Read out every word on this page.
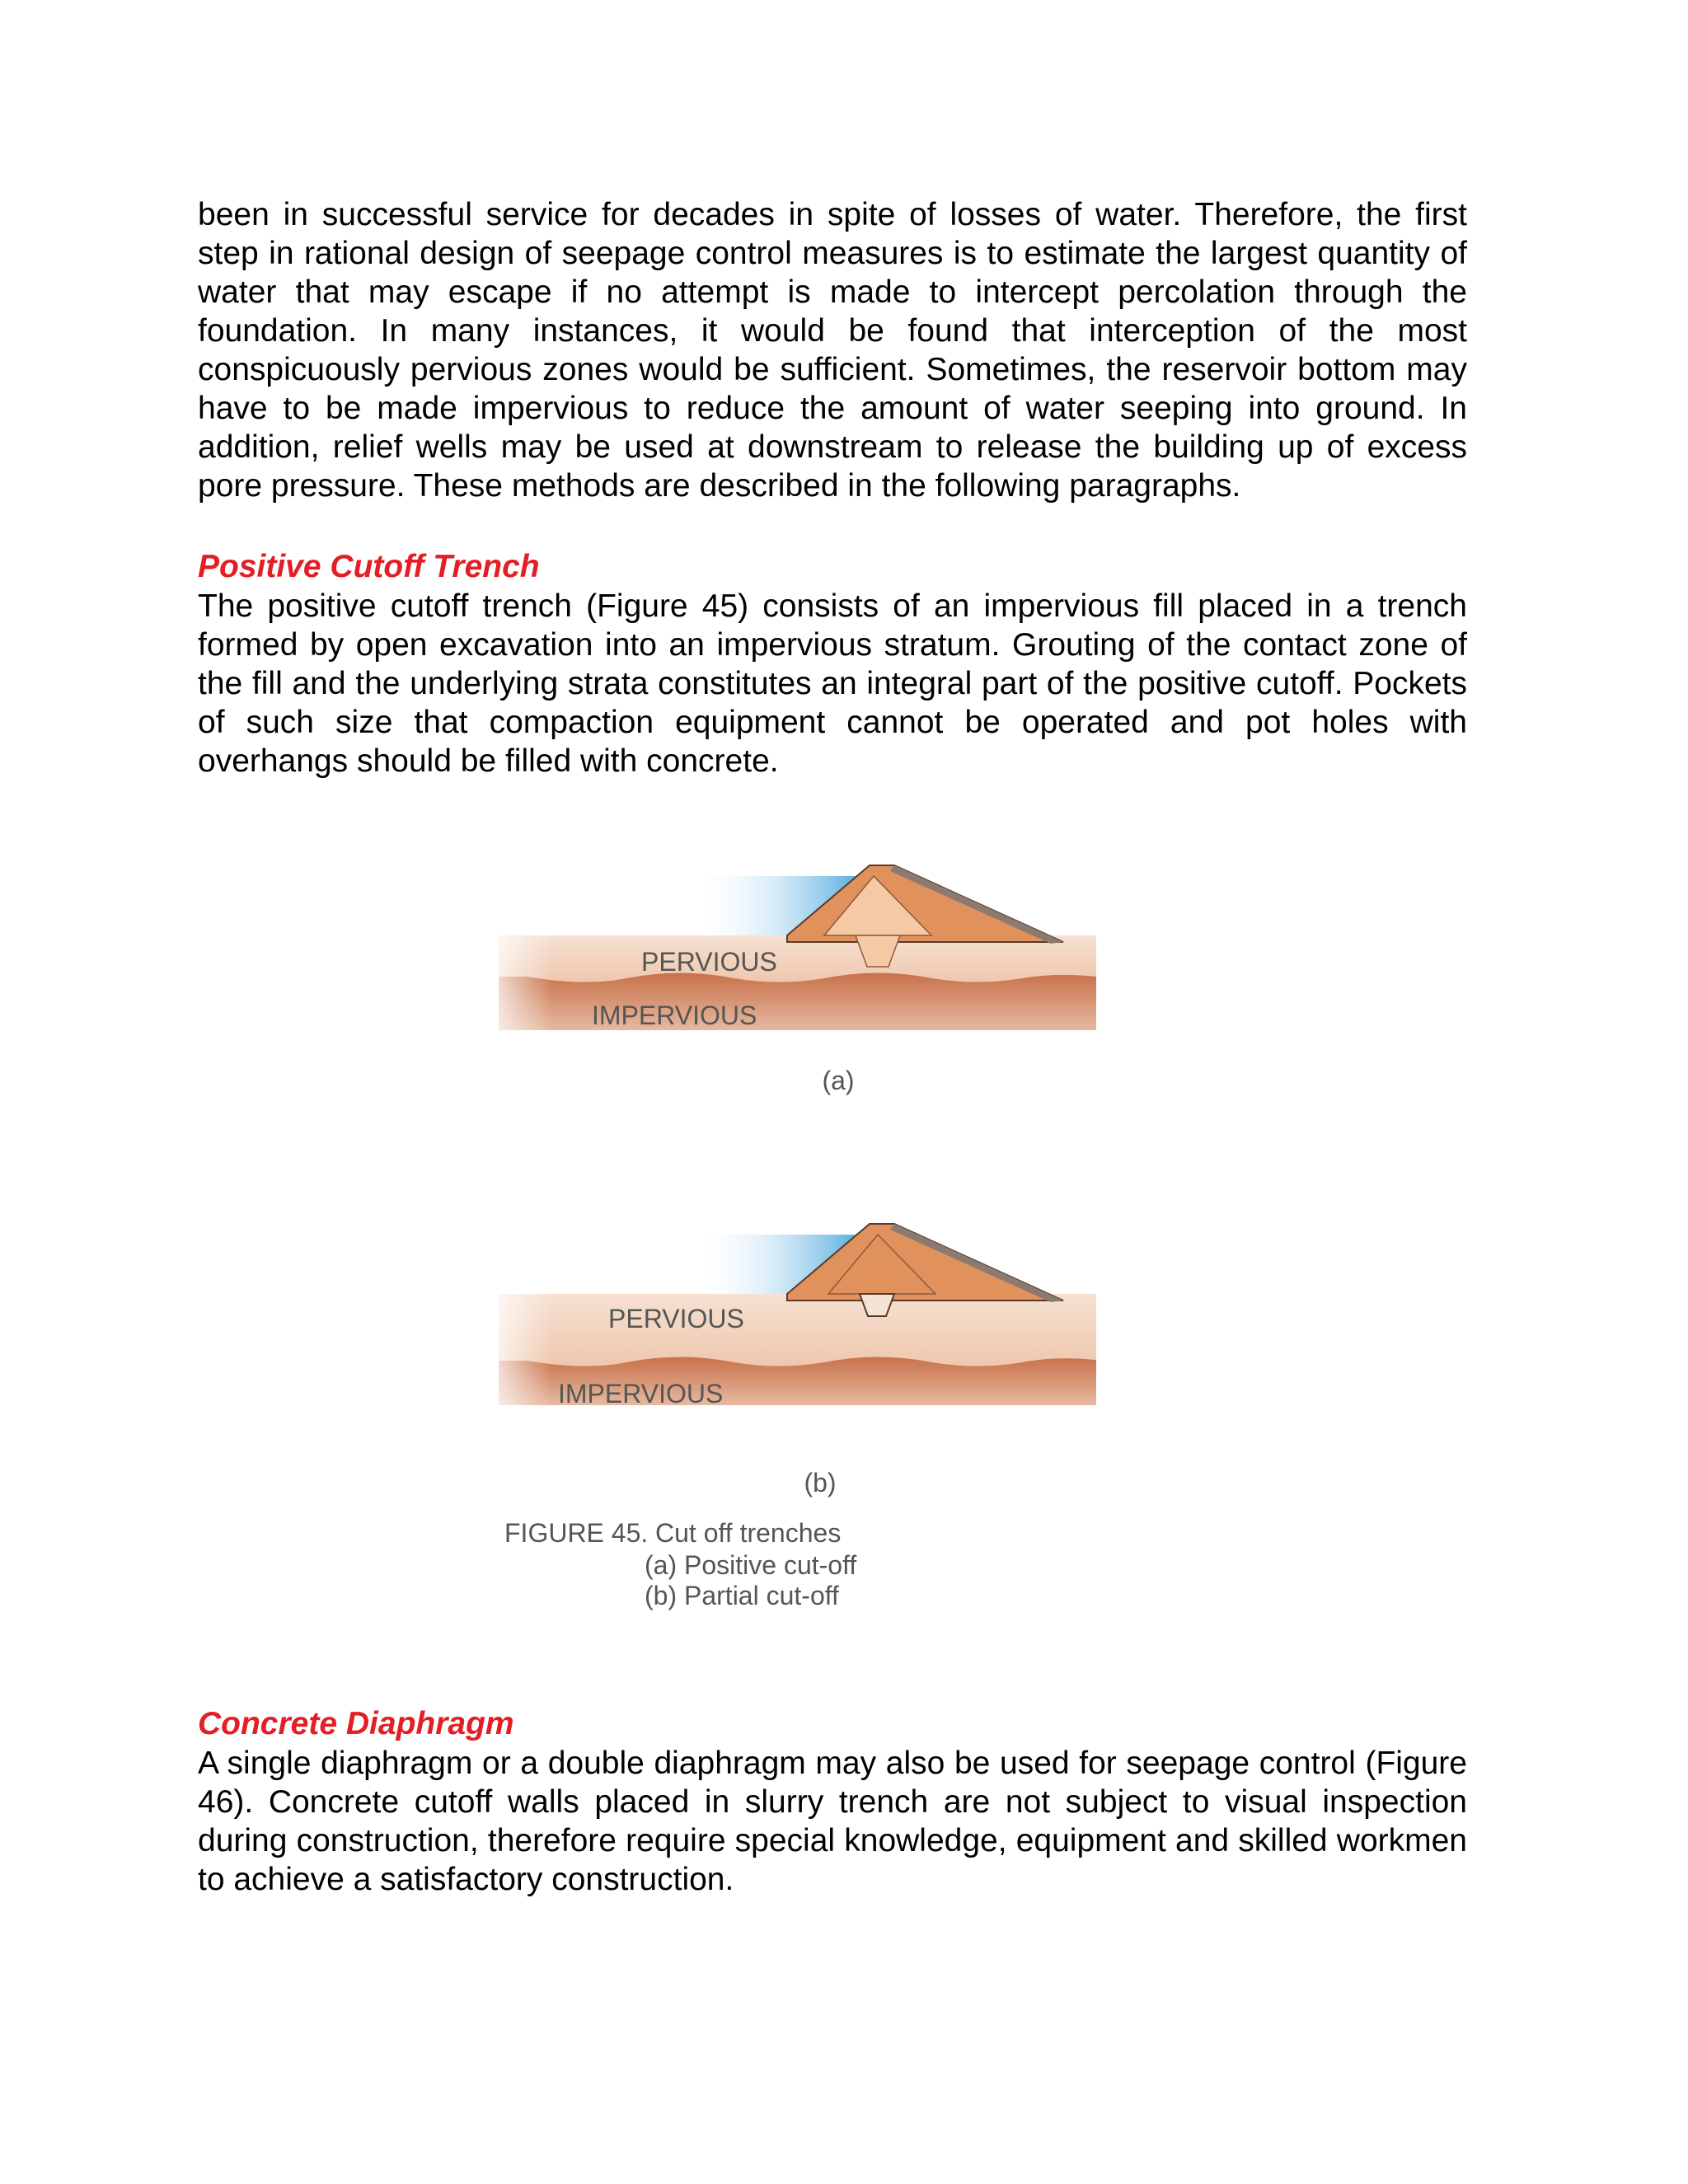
been in successful service for decades in spite of losses of water. Therefore, the first step in rational design of seepage control measures is to estimate the largest quantity of water that may escape if no attempt is made to intercept percolation through the foundation. In many instances, it would be found that interception of the most conspicuously pervious zones would be sufficient. Sometimes, the reservoir bottom may have to be made impervious to reduce the amount of water seeping into ground. In addition, relief wells may be used at downstream to release the building up of excess pore pressure. These methods are described in the following paragraphs.

Positive Cutoff Trench

The positive cutoff trench (Figure 45) consists of an impervious fill placed in a trench formed by open excavation into an impervious stratum. Grouting of the contact zone of the fill and the underlying strata constitutes an integral part of the positive cutoff. Pockets of such size that compaction equipment cannot be operated and pot holes with overhangs should be filled with concrete.

PERVIOUS
IMPERVIOUS
(a)
PERVIOUS
IMPERVIOUS
(b)
FIGURE 45. Cut off trenches
(a) Positive cut-off
(b) Partial cut-off

Concrete Diaphragm

A single diaphragm or a double diaphragm may also be used for seepage control (Figure 46). Concrete cutoff walls placed in slurry trench are not subject to visual inspection during construction, therefore require special knowledge, equipment and skilled workmen to achieve a satisfactory construction.
